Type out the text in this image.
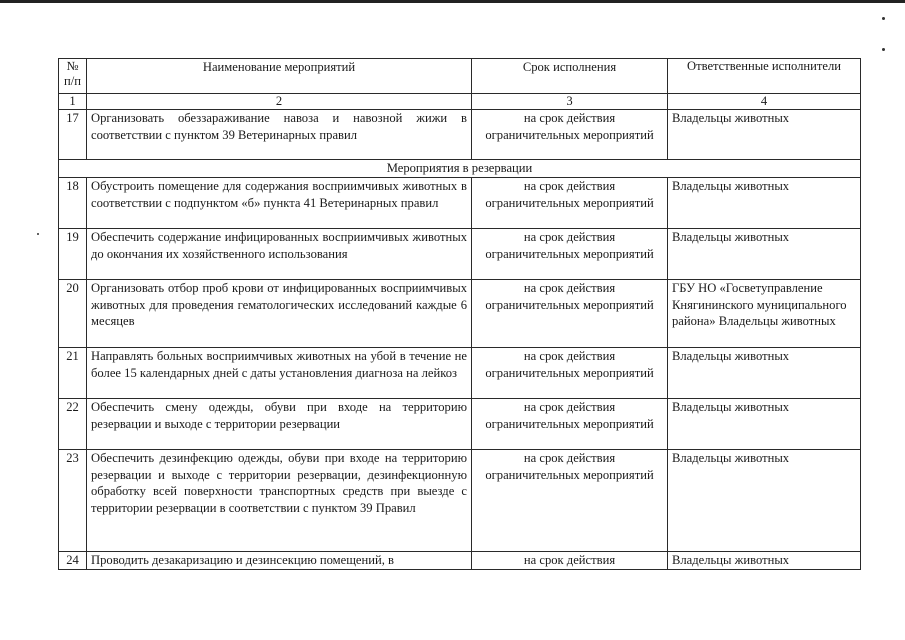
№ п/п	Наименование мероприятий	Срок исполнения	Ответственные исполнители
1	2	3	4
17	Организовать обеззараживание навоза и навозной жижи в соответствии с пунктом 39 Ветеринарных правил	на срок действия ограничительных мероприятий	Владельцы животных
Мероприятия в резервации			
18	Обустроить помещение для содержания восприимчивых животных в соответствии с подпунктом «б» пункта 41 Ветеринарных правил	на срок действия ограничительных мероприятий	Владельцы животных
19	Обеспечить содержание инфицированных восприимчивых животных до окончания их хозяйственного использования	на срок действия ограничительных мероприятий	Владельцы животных
20	Организовать отбор проб крови от инфицированных восприимчивых животных для проведения гематологических исследований каждые 6 месяцев	на срок действия ограничительных мероприятий	ГБУ НО «Госветуправление Княгининского муниципального района» Владельцы животных
21	Направлять больных восприимчивых животных на убой в течение не более 15 календарных дней с даты установления диагноза на лейкоз	на срок действия ограничительных мероприятий	Владельцы животных
22	Обеспечить смену одежды, обуви при входе на территорию резервации и выходе с территории резервации	на срок действия ограничительных мероприятий	Владельцы животных
23	Обеспечить дезинфекцию одежды, обуви при входе на территорию резервации и выходе с территории резервации, дезинфекционную обработку всей поверхности транспортных средств при выезде с территории резервации в соответствии с пунктом 39 Правил	на срок действия ограничительных мероприятий	Владельцы животных
24	Проводить дезакаризацию и дезинсекцию помещений, в	на срок действия	Владельцы животных
